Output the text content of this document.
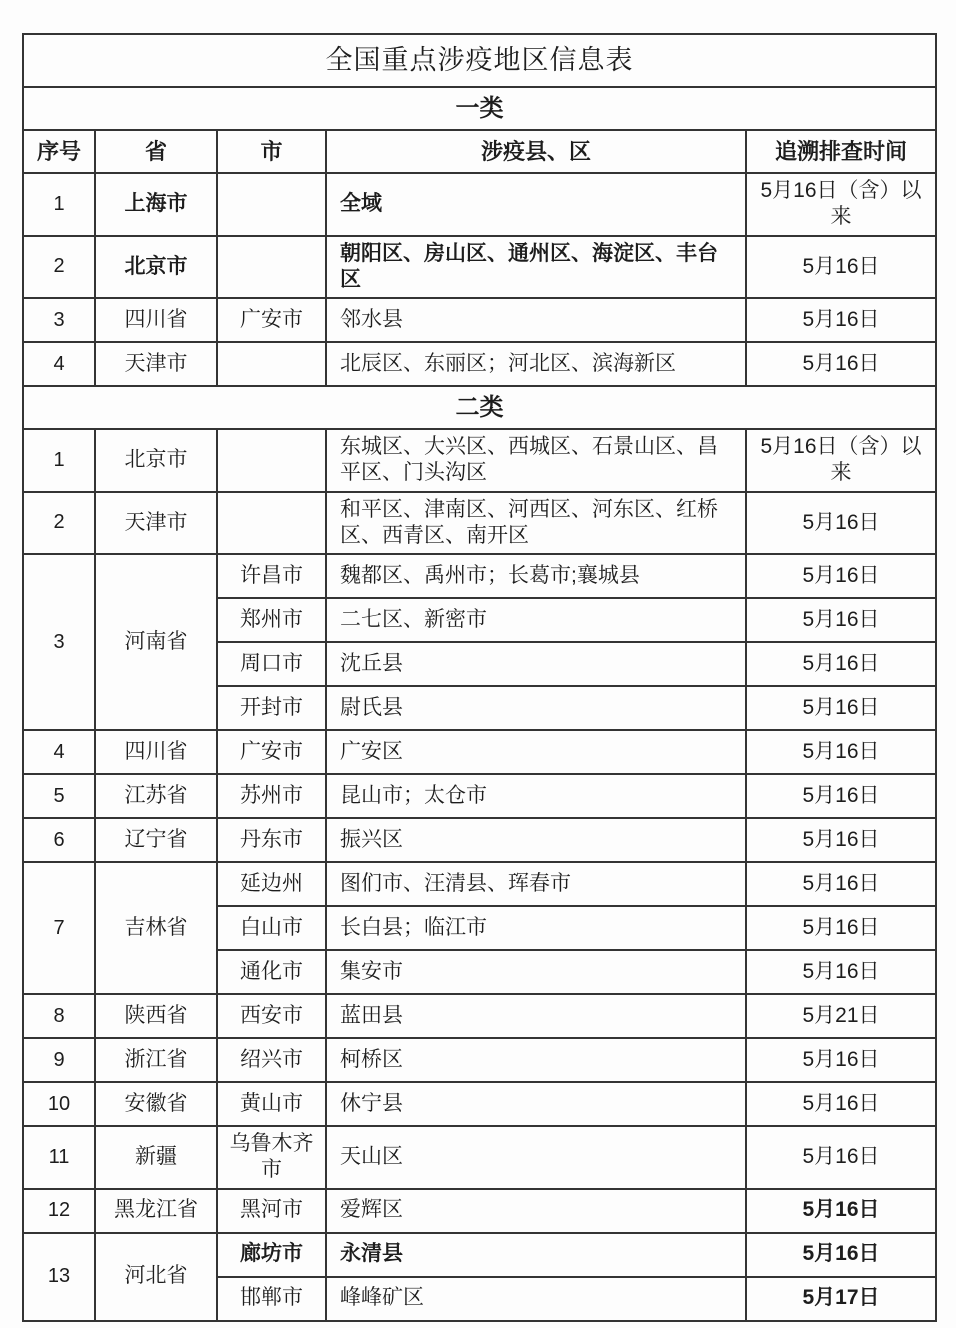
全国重点涉疫地区信息表				
一类				
序号	省	市	涉疫县、区	追溯排查时间
1	上海市		全域	5月16日（含）以来
2	北京市		朝阳区、房山区、通州区、海淀区、丰台区	5月16日
3	四川省	广安市	邻水县	5月16日
4	天津市		北辰区、东丽区；河北区、滨海新区	5月16日
二类				
1	北京市		东城区、大兴区、西城区、石景山区、昌平区、门头沟区	5月16日（含）以来
2	天津市		和平区、津南区、河西区、河东区、红桥区、西青区、南开区	5月16日
3	河南省	许昌市	魏都区、禹州市；长葛市;襄城县	5月16日
		郑州市	二七区、新密市	5月16日
		周口市	沈丘县	5月16日
		开封市	尉氏县	5月16日
4	四川省	广安市	广安区	5月16日
5	江苏省	苏州市	昆山市；太仓市	5月16日
6	辽宁省	丹东市	振兴区	5月16日
7	吉林省	延边州	图们市、汪清县、珲春市	5月16日
		白山市	长白县；临江市	5月16日
		通化市	集安市	5月16日
8	陕西省	西安市	蓝田县	5月21日
9	浙江省	绍兴市	柯桥区	5月16日
10	安徽省	黄山市	休宁县	5月16日
11	新疆	乌鲁木齐市	天山区	5月16日
12	黑龙江省	黑河市	爱辉区	5月16日
13	河北省	廊坊市	永清县	5月16日
		邯郸市	峰峰矿区	5月17日
